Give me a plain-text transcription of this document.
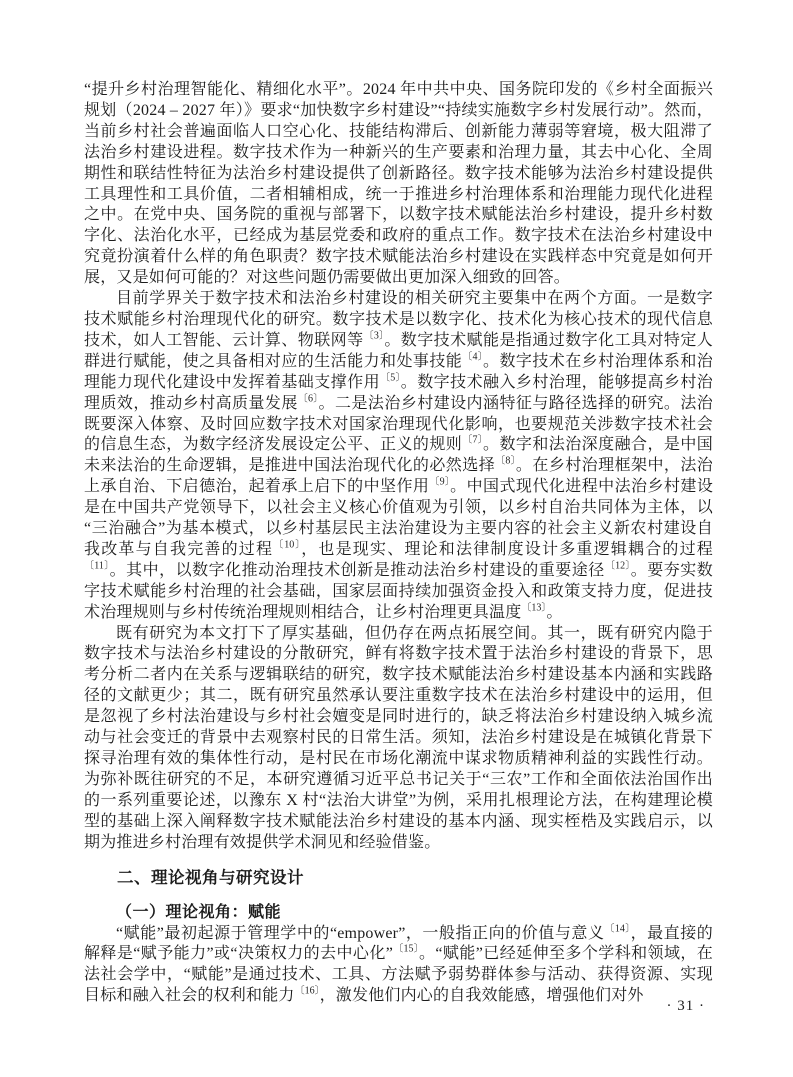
“提升乡村治理智能化、精细化水平”。2024 年中共中央、国务院印发的《乡村全面振兴规划（2024 – 2027 年）》要求“加快数字乡村建设”“持续实施数字乡村发展行动”。然而，当前乡村社会普遍面临人口空心化、技能结构滞后、创新能力薄弱等窘境，极大阻滞了法治乡村建设进程。数字技术作为一种新兴的生产要素和治理力量，其去中心化、全周期性和联结性特征为法治乡村建设提供了创新路径。数字技术能够为法治乡村建设提供工具理性和工具价值，二者相辅相成，统一于推进乡村治理体系和治理能力现代化进程之中。在党中央、国务院的重视与部署下，以数字技术赋能法治乡村建设，提升乡村数字化、法治化水平，已经成为基层党委和政府的重点工作。数字技术在法治乡村建设中究竟扮演着什么样的角色职责？数字技术赋能法治乡村建设在实践样态中究竟是如何开展，又是如何可能的？对这些问题仍需要做出更加深入细致的回答。

目前学界关于数字技术和法治乡村建设的相关研究主要集中在两个方面。一是数字技术赋能乡村治理现代化的研究。数字技术是以数字化、技术化为核心技术的现代信息技术，如人工智能、云计算、物联网等$^{〔3〕}$。数字技术赋能是指通过数字化工具对特定人群进行赋能，使之具备相对应的生活能力和处事技能$^{〔4〕}$。数字技术在乡村治理体系和治理能力现代化建设中发挥着基础支撑作用$^{〔5〕}$。数字技术融入乡村治理，能够提高乡村治理质效，推动乡村高质量发展$^{〔6〕}$。二是法治乡村建设内涵特征与路径选择的研究。法治既要深入体察、及时回应数字技术对国家治理现代化影响，也要规范关涉数字技术社会的信息生态，为数字经济发展设定公平、正义的规则$^{〔7〕}$。数字和法治深度融合，是中国未来法治的生命逻辑，是推进中国法治现代化的必然选择$^{〔8〕}$。在乡村治理框架中，法治上承自治、下启德治，起着承上启下的中坚作用$^{〔9〕}$。中国式现代化进程中法治乡村建设是在中国共产党领导下，以社会主义核心价值观为引领，以乡村自治共同体为主体，以“三治融合”为基本模式，以乡村基层民主法治建设为主要内容的社会主义新农村建设自我改革与自我完善的过程$^{〔10〕}$，也是现实、理论和法律制度设计多重逻辑耦合的过程$^{〔11〕}$。其中，以数字化推动治理技术创新是推动法治乡村建设的重要途径$^{〔12〕}$。要夯实数字技术赋能乡村治理的社会基础，国家层面持续加强资金投入和政策支持力度，促进技术治理规则与乡村传统治理规则相结合，让乡村治理更具温度$^{〔13〕}$。

既有研究为本文打下了厚实基础，但仍存在两点拓展空间。其一，既有研究内隐于数字技术与法治乡村建设的分散研究，鲜有将数字技术置于法治乡村建设的背景下，思考分析二者内在关系与逻辑联结的研究，数字技术赋能法治乡村建设基本内涵和实践路径的文献更少；其二，既有研究虽然承认要注重数字技术在法治乡村建设中的运用，但是忽视了乡村法治建设与乡村社会嬗变是同时进行的，缺乏将法治乡村建设纳入城乡流动与社会变迁的背景中去观察村民的日常生活。须知，法治乡村建设是在城镇化背景下探寻治理有效的集体性行动，是村民在市场化潮流中谋求物质精神利益的实践性行动。为弥补既往研究的不足，本研究遵循习近平总书记关于“三农”工作和全面依法治国作出的一系列重要论述，以豫东 X 村“法治大讲堂”为例，采用扎根理论方法，在构建理论模型的基础上深入阐释数字技术赋能法治乡村建设的基本内涵、现实桎梏及实践启示，以期为推进乡村治理有效提供学术洞见和经验借鉴。

二、理论视角与研究设计
（一）理论视角：赋能

“赋能”最初起源于管理学中的“empower”，一般指正向的价值与意义$^{〔14〕}$，最直接的解释是“赋予能力”或“决策权力的去中心化”$^{〔15〕}$。“赋能”已经延伸至多个学科和领域，在法社会学中，“赋能”是通过技术、工具、方法赋予弱势群体参与活动、获得资源、实现目标和融入社会的权利和能力$^{〔16〕}$，激发他们内心的自我效能感，增强他们对外

· 31 ·
